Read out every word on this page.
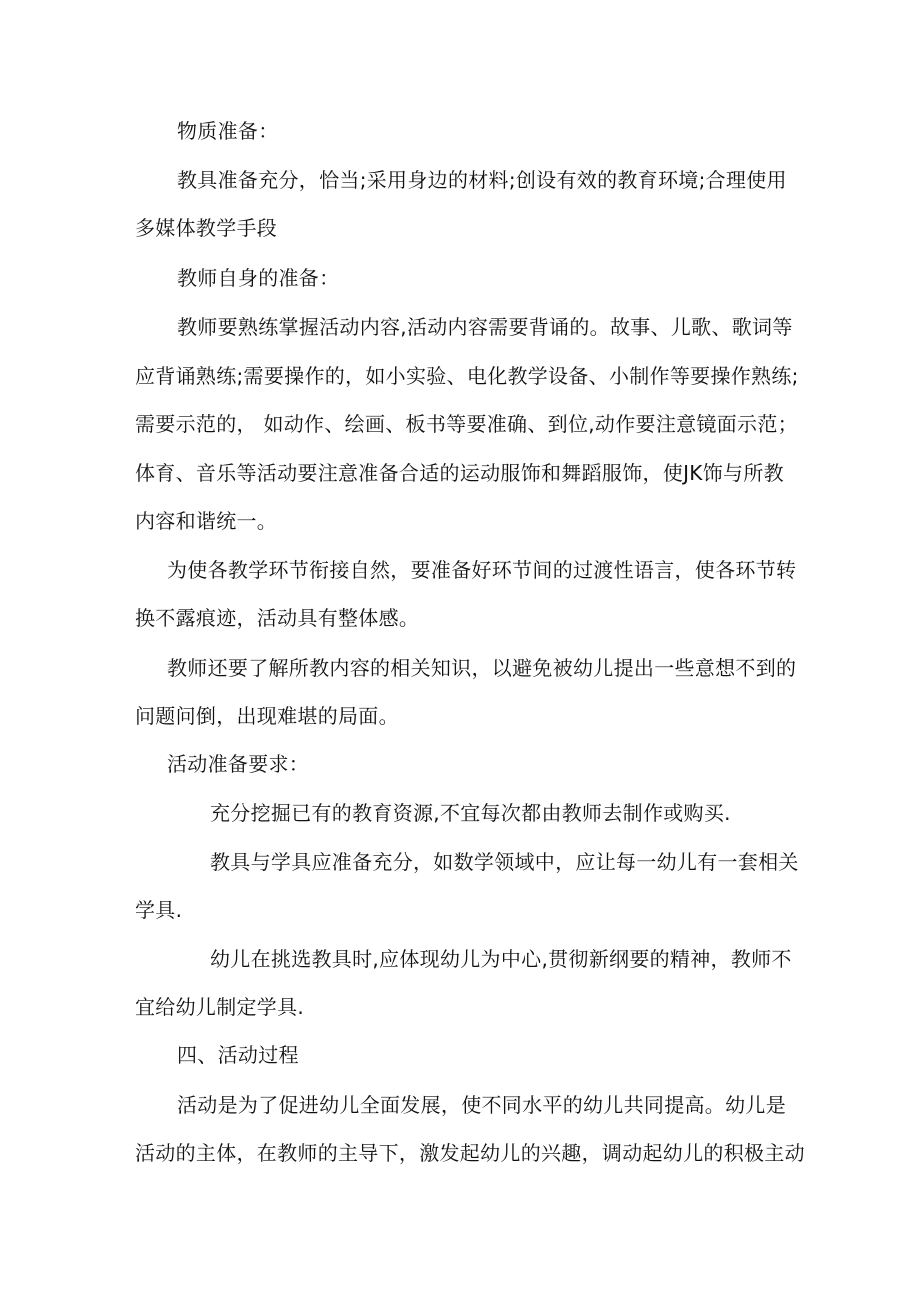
物质准备：
教具准备充分，恰当;采用身边的材料;创设有效的教育环境;合理使用
多媒体教学手段
教师自身的准备：
教师要熟练掌握活动内容,活动内容需要背诵的。故事、儿歌、歌词等
应背诵熟练;需要操作的，如小实验、电化教学设备、小制作等要操作熟练;
需要示范的， 如动作、绘画、板书等要准确、到位,动作要注意镜面示范；
体育、音乐等活动要注意准备合适的运动服饰和舞蹈服饰，使JK饰与所教
内容和谐统一。
为使各教学环节衔接自然，要准备好环节间的过渡性语言，使各环节转
换不露痕迹，活动具有整体感。
教师还要了解所教内容的相关知识，以避免被幼儿提出一些意想不到的
问题问倒，出现难堪的局面。
活动准备要求：
充分挖掘已有的教育资源,不宜每次都由教师去制作或购买.
教具与学具应准备充分，如数学领域中，应让每一幼儿有一套相关
学具.
幼儿在挑选教具时,应体现幼儿为中心,贯彻新纲要的精神，教师不
宜给幼儿制定学具.
四、活动过程
活动是为了促进幼儿全面发展，使不同水平的幼儿共同提高。幼儿是
活动的主体，在教师的主导下，激发起幼儿的兴趣，调动起幼儿的积极主动
